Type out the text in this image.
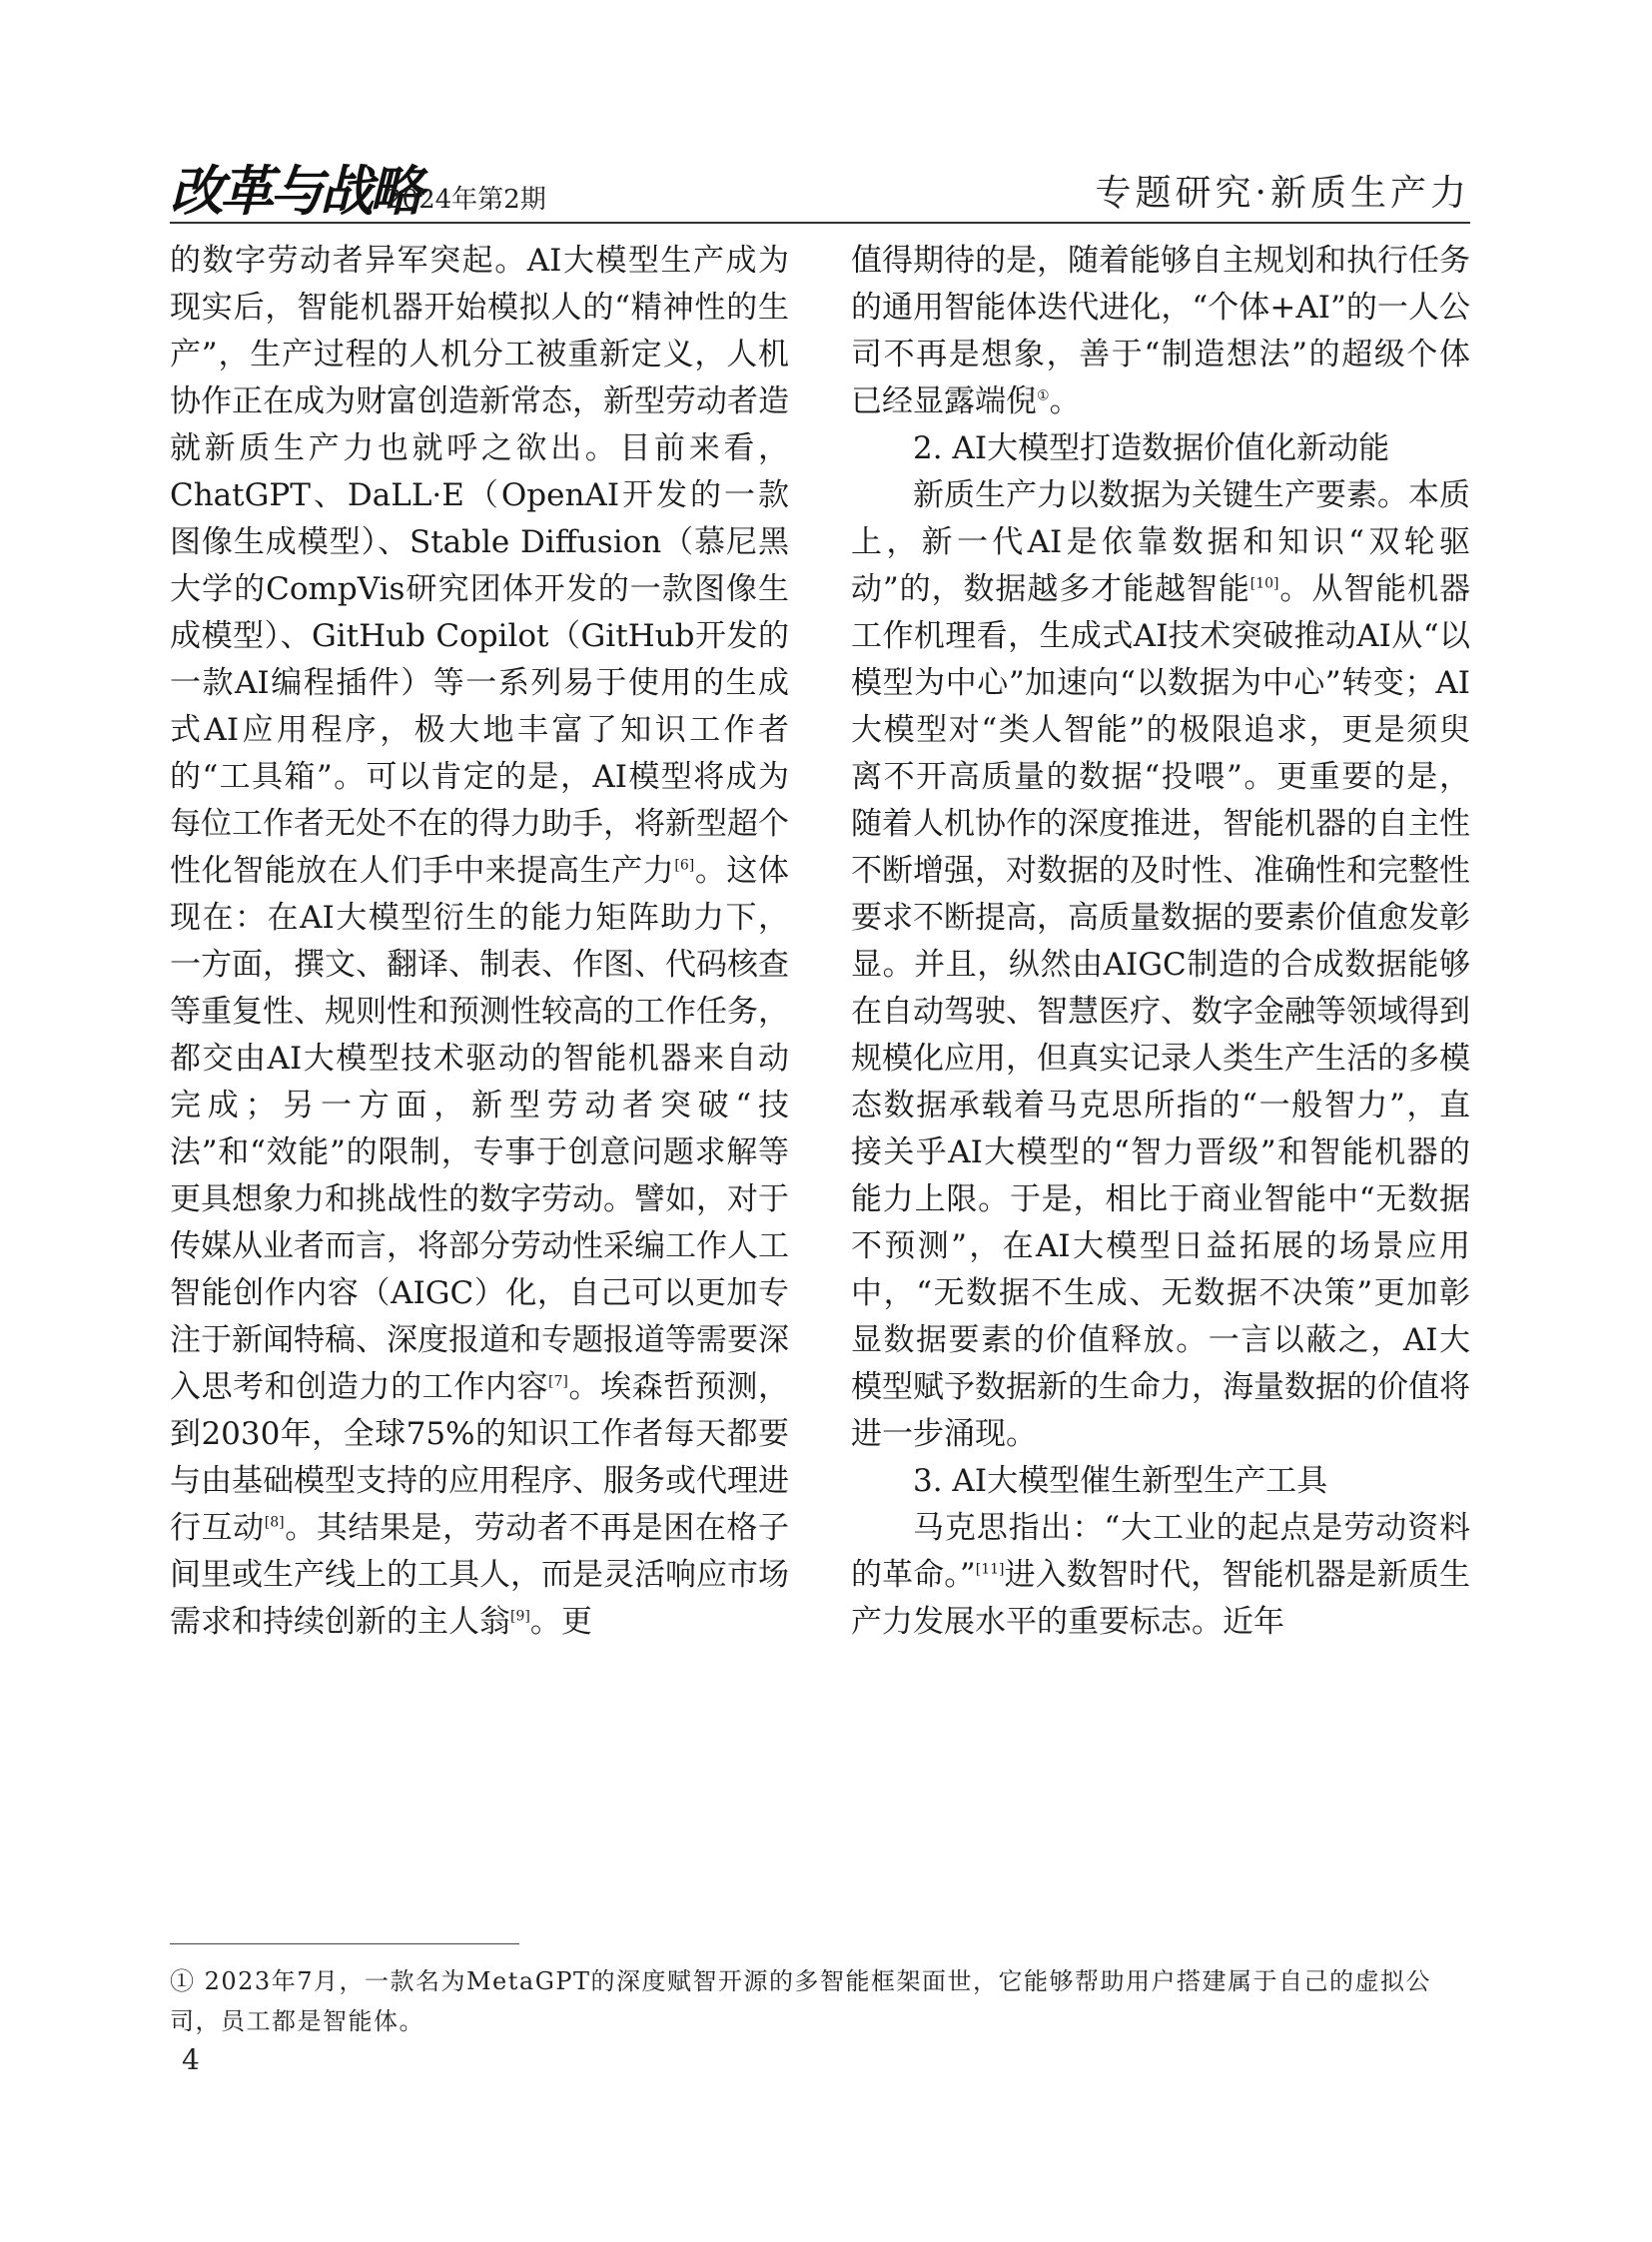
改革与战略
2024年第2期	专题研究·新质生产力

的数字劳动者异军突起。AI大模型生产成为现实后，智能机器开始模拟人的“精神性的生产”，生产过程的人机分工被重新定义，人机协作正在成为财富创造新常态，新型劳动者造就新质生产力也就呼之欲出。目前来看，ChatGPT、DaLL·E（OpenAI开发的一款图像生成模型）、Stable Diffusion（慕尼黑大学的CompVis研究团体开发的一款图像生成模型）、GitHub Copilot（GitHub开发的一款AI编程插件）等一系列易于使用的生成式AI应用程序，极大地丰富了知识工作者的“工具箱”。可以肯定的是，AI模型将成为每位工作者无处不在的得力助手，将新型超个性化智能放在人们手中来提高生产力[6]。这体现在：在AI大模型衍生的能力矩阵助力下，一方面，撰文、翻译、制表、作图、代码核查等重复性、规则性和预测性较高的工作任务，都交由AI大模型技术驱动的智能机器来自动完成；另一方面，新型劳动者突破“技法”和“效能”的限制，专事于创意问题求解等更具想象力和挑战性的数字劳动。譬如，对于传媒从业者而言，将部分劳动性采编工作人工智能创作内容（AIGC）化，自己可以更加专注于新闻特稿、深度报道和专题报道等需要深入思考和创造力的工作内容[7]。埃森哲预测，到2030年，全球75%的知识工作者每天都要与由基础模型支持的应用程序、服务或代理进行互动[8]。其结果是，劳动者不再是困在格子间里或生产线上的工具人，而是灵活响应市场需求和持续创新的主人翁[9]。更

值得期待的是，随着能够自主规划和执行任务的通用智能体迭代进化，“个体+AI”的一人公司不再是想象，善于“制造想法”的超级个体已经显露端倪①。

2. AI大模型打造数据价值化新动能

新质生产力以数据为关键生产要素。本质上，新一代AI是依靠数据和知识“双轮驱动”的，数据越多才能越智能[10]。从智能机器工作机理看，生成式AI技术突破推动AI从“以模型为中心”加速向“以数据为中心”转变；AI大模型对“类人智能”的极限追求，更是须臾离不开高质量的数据“投喂”。更重要的是，随着人机协作的深度推进，智能机器的自主性不断增强，对数据的及时性、准确性和完整性要求不断提高，高质量数据的要素价值愈发彰显。并且，纵然由AIGC制造的合成数据能够在自动驾驶、智慧医疗、数字金融等领域得到规模化应用，但真实记录人类生产生活的多模态数据承载着马克思所指的“一般智力”，直接关乎AI大模型的“智力晋级”和智能机器的能力上限。于是，相比于商业智能中“无数据不预测”，在AI大模型日益拓展的场景应用中，“无数据不生成、无数据不决策”更加彰显数据要素的价值释放。一言以蔽之，AI大模型赋予数据新的生命力，海量数据的价值将进一步涌现。

3. AI大模型催生新型生产工具

马克思指出：“大工业的起点是劳动资料的革命。”[11]进入数智时代，智能机器是新质生产力发展水平的重要标志。近年

① 2023年7月，一款名为MetaGPT的深度赋智开源的多智能框架面世，它能够帮助用户搭建属于自己的虚拟公司，员工都是智能体。
4
